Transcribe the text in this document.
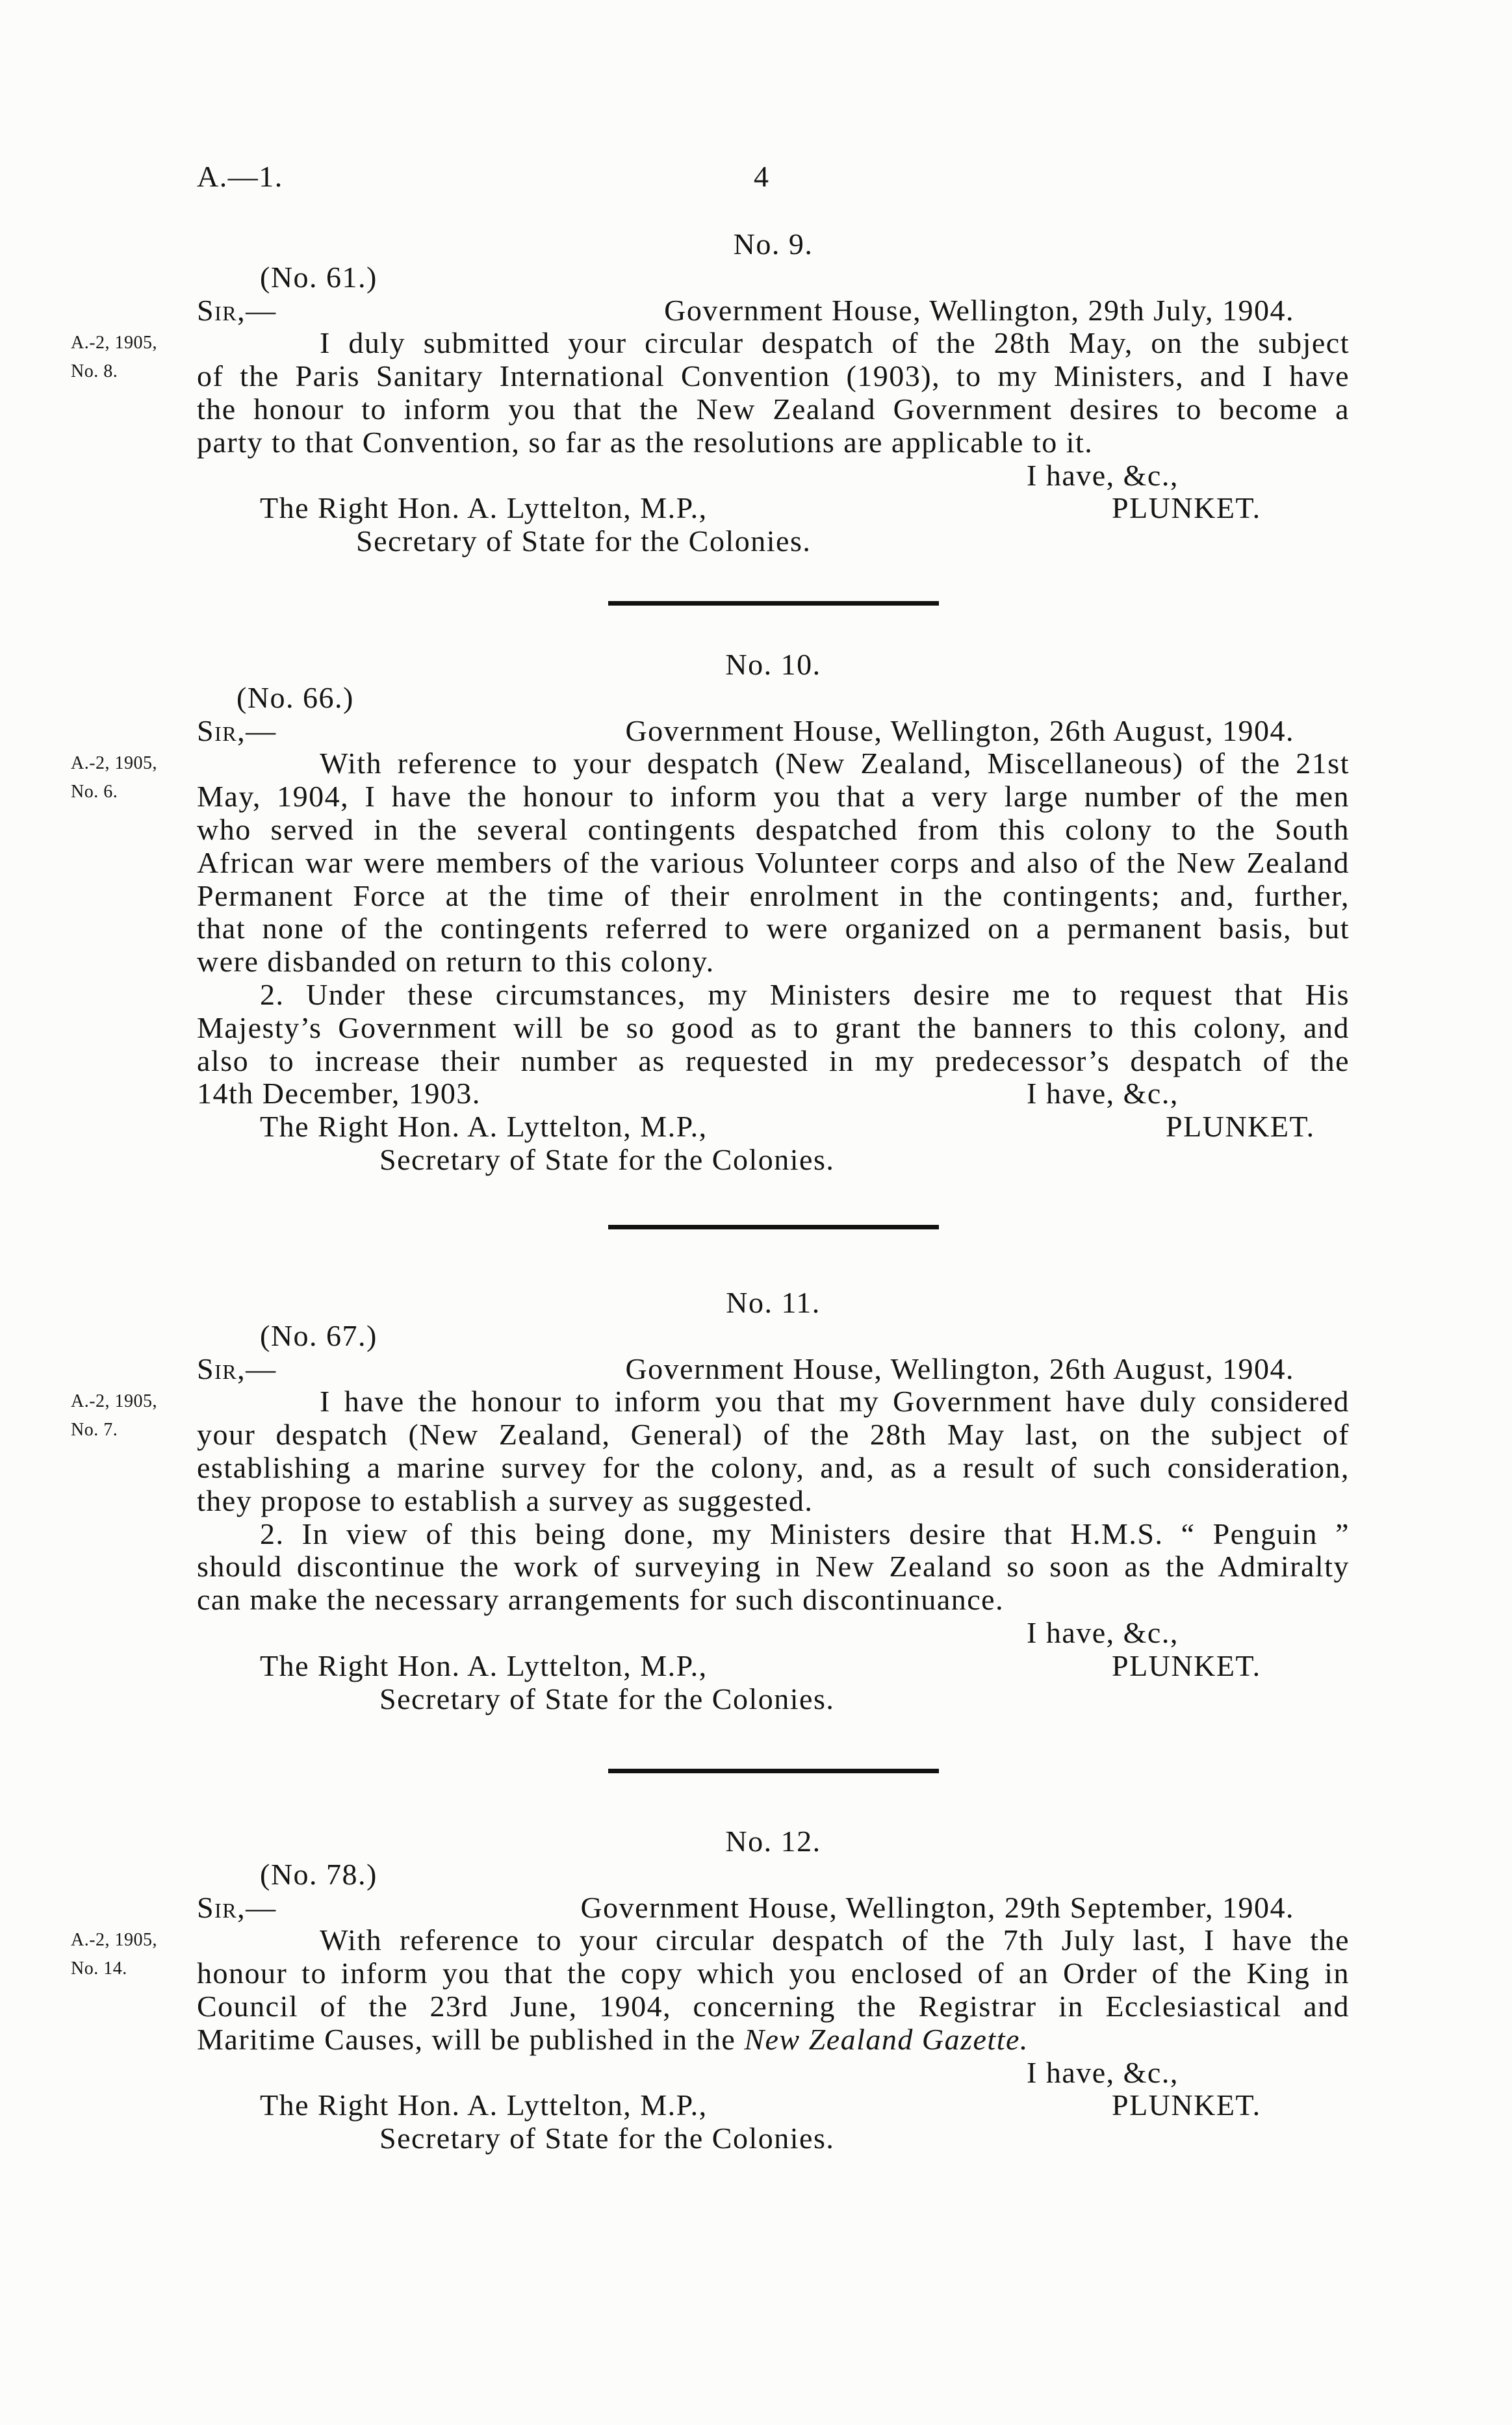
A.—1.	4
No. 9.
(No. 61.)
Sir,—	Government House, Wellington, 29th July, 1904.
A.-2, 1905,
No. 8.
I duly submitted your circular despatch of the 28th May, on the subject
of the Paris Sanitary International Convention (1903), to my Ministers, and I have
the honour to inform you that the New Zealand Government desires to become a
party to that Convention, so far as the resolutions are applicable to it.
I have, &c.,
The Right Hon. A. Lyttelton, M.P.,	PLUNKET.
Secretary of State for the Colonies.
No. 10.
(No. 66.)
Sir,—	Government House, Wellington, 26th August, 1904.
A.-2, 1905,
No. 6.
With reference to your despatch (New Zealand, Miscellaneous) of the 21st
May, 1904, I have the honour to inform you that a very large number of the men
who served in the several contingents despatched from this colony to the South
African war were members of the various Volunteer corps and also of the New Zealand
Permanent Force at the time of their enrolment in the contingents; and, further,
that none of the contingents referred to were organized on a permanent basis, but
were disbanded on return to this colony.
2. Under these circumstances, my Ministers desire me to request that His
Majesty’s Government will be so good as to grant the banners to this colony, and
also to increase their number as requested in my predecessor’s despatch of the
14th December, 1903.	I have, &c.,
The Right Hon. A. Lyttelton, M.P.,	PLUNKET.
Secretary of State for the Colonies.
No. 11.
(No. 67.)
Sir,—	Government House, Wellington, 26th August, 1904.
A.-2, 1905,
No. 7.
I have the honour to inform you that my Government have duly considered
your despatch (New Zealand, General) of the 28th May last, on the subject of
establishing a marine survey for the colony, and, as a result of such consideration,
they propose to establish a survey as suggested.
2. In view of this being done, my Ministers desire that H.M.S. “ Penguin ”
should discontinue the work of surveying in New Zealand so soon as the Admiralty
can make the necessary arrangements for such discontinuance.
I have, &c.,
The Right Hon. A. Lyttelton, M.P.,	PLUNKET.
Secretary of State for the Colonies.
No. 12.
(No. 78.)
Sir,—	Government House, Wellington, 29th September, 1904.
A.-2, 1905,
No. 14.
With reference to your circular despatch of the 7th July last, I have the
honour to inform you that the copy which you enclosed of an Order of the King in
Council of the 23rd June, 1904, concerning the Registrar in Ecclesiastical and
Maritime Causes, will be published in the New Zealand Gazette.
I have, &c.,
The Right Hon. A. Lyttelton, M.P.,	PLUNKET.
Secretary of State for the Colonies.
